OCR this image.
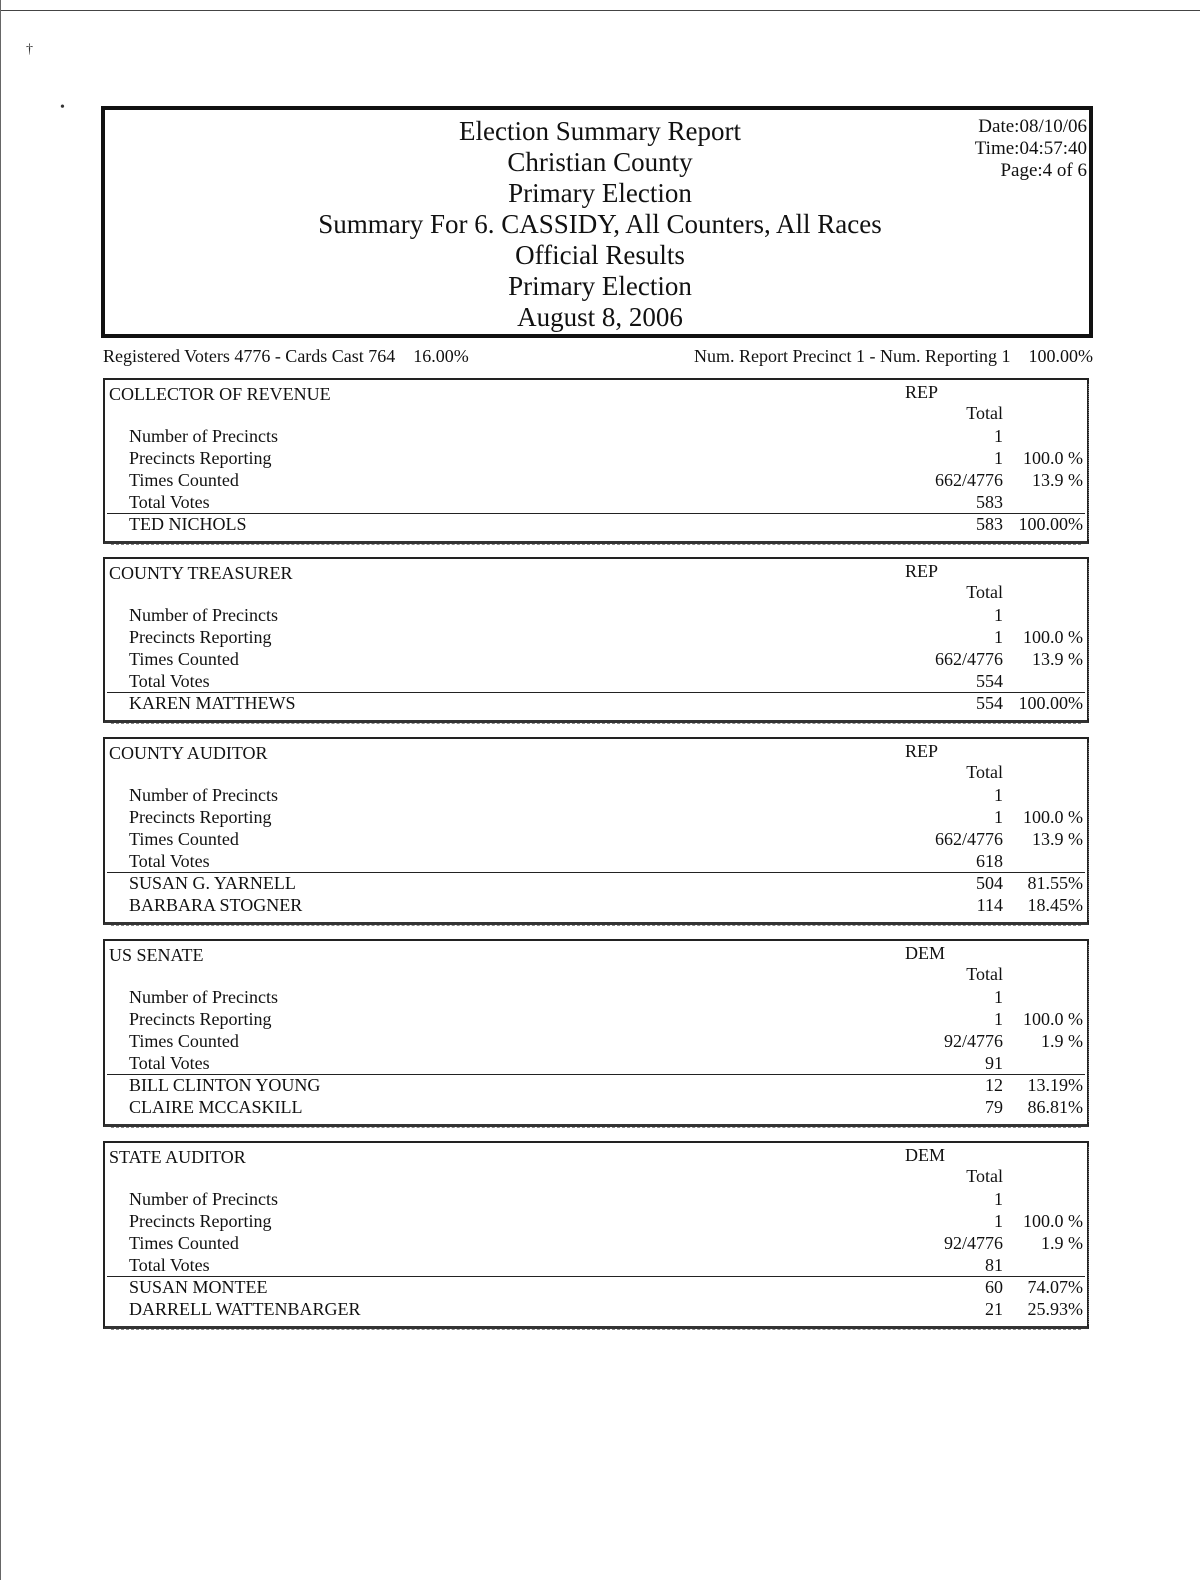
†
•
Election Summary Report
Christian County
Primary Election
Summary For 6. CASSIDY, All Counters, All Races
Official Results
Primary Election
August 8, 2006
Date:08/10/06
Time:04:57:40
Page:4 of 6
Registered Voters 4776 - Cards Cast 764    16.00%	Num. Report Precinct 1 - Num. Reporting 1    100.00%
COLLECTOR OF REVENUE	REP
Total
Number of Precincts	1
Precincts Reporting	1 100.0 %
Times Counted	662/4776 13.9 %
Total Votes	583
TED NICHOLS	583 100.00%
COUNTY TREASURER	REP
Total
Number of Precincts	1
Precincts Reporting	1 100.0 %
Times Counted	662/4776 13.9 %
Total Votes	554
KAREN MATTHEWS	554 100.00%
COUNTY AUDITOR	REP
Total
Number of Precincts	1
Precincts Reporting	1 100.0 %
Times Counted	662/4776 13.9 %
Total Votes	618
SUSAN G. YARNELL	504 81.55%
BARBARA STOGNER	114 18.45%
US SENATE	DEM
Total
Number of Precincts	1
Precincts Reporting	1 100.0 %
Times Counted	92/4776 1.9 %
Total Votes	91
BILL CLINTON YOUNG	12 13.19%
CLAIRE MCCASKILL	79 86.81%
STATE AUDITOR	DEM
Total
Number of Precincts	1
Precincts Reporting	1 100.0 %
Times Counted	92/4776 1.9 %
Total Votes	81
SUSAN MONTEE	60 74.07%
DARRELL WATTENBARGER	21 25.93%
